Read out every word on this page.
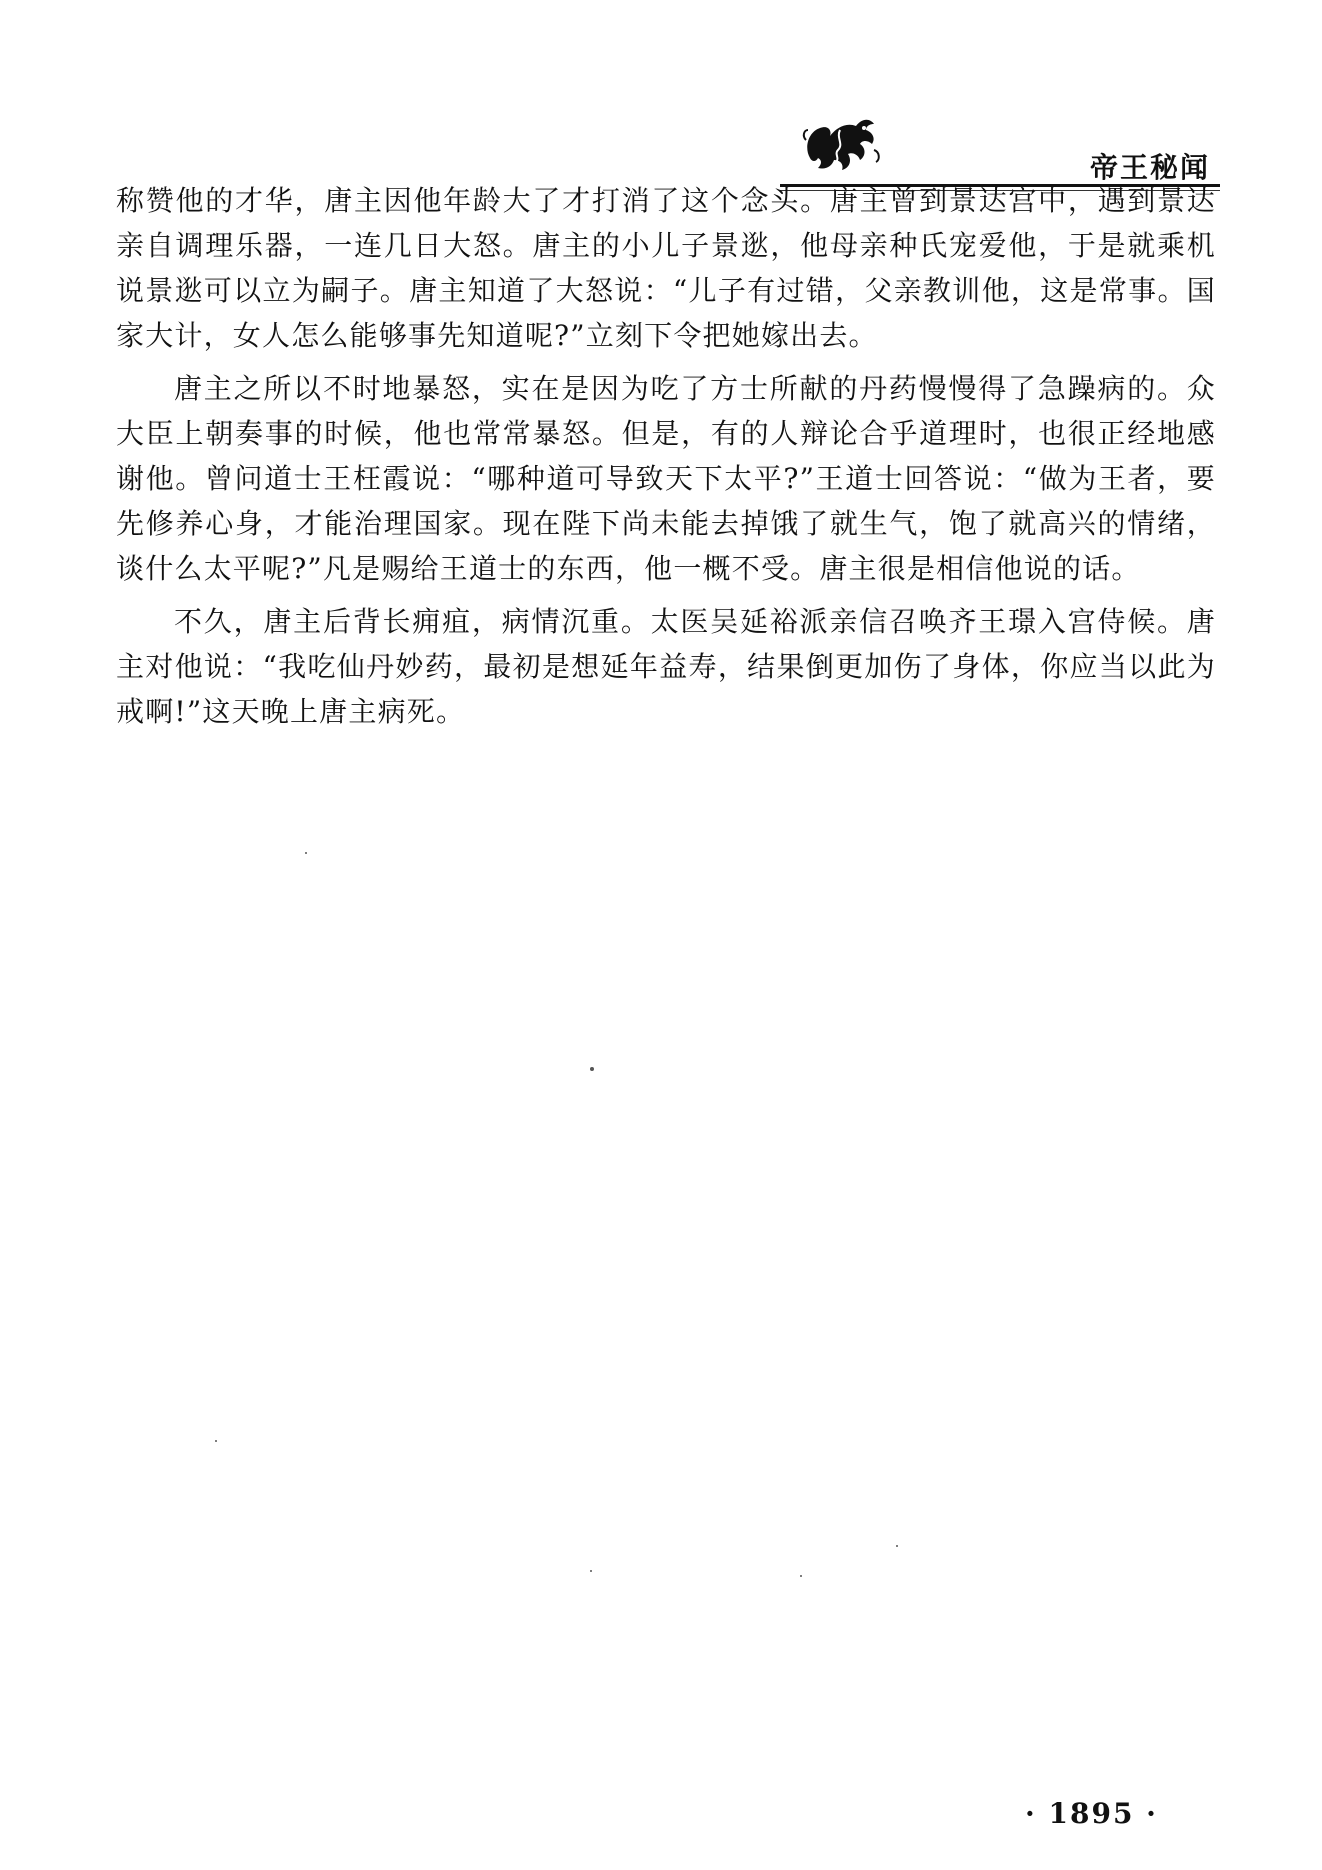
帝王秘闻

称赞他的才华，唐主因他年龄大了才打消了这个念头。唐主曾到景达宫中，遇到景达亲自调理乐器，一连几日大怒。唐主的小儿子景逖，他母亲种氏宠爱他，于是就乘机说景逖可以立为嗣子。唐主知道了大怒说：“儿子有过错，父亲教训他，这是常事。国家大计，女人怎么能够事先知道呢?”立刻下令把她嫁出去。

唐主之所以不时地暴怒，实在是因为吃了方士所献的丹药慢慢得了急躁病的。众大臣上朝奏事的时候，他也常常暴怒。但是，有的人辩论合乎道理时，也很正经地感谢他。曾问道士王枉霞说：“哪种道可导致天下太平?”王道士回答说：“做为王者，要先修养心身，才能治理国家。现在陛下尚未能去掉饿了就生气，饱了就高兴的情绪，谈什么太平呢?”凡是赐给王道士的东西，他一概不受。唐主很是相信他说的话。

不久，唐主后背长痈疽，病情沉重。太医吴延裕派亲信召唤齐王璟入宫侍候。唐主对他说：“我吃仙丹妙药，最初是想延年益寿，结果倒更加伤了身体，你应当以此为戒啊!”这天晚上唐主病死。

· 1895 ·
